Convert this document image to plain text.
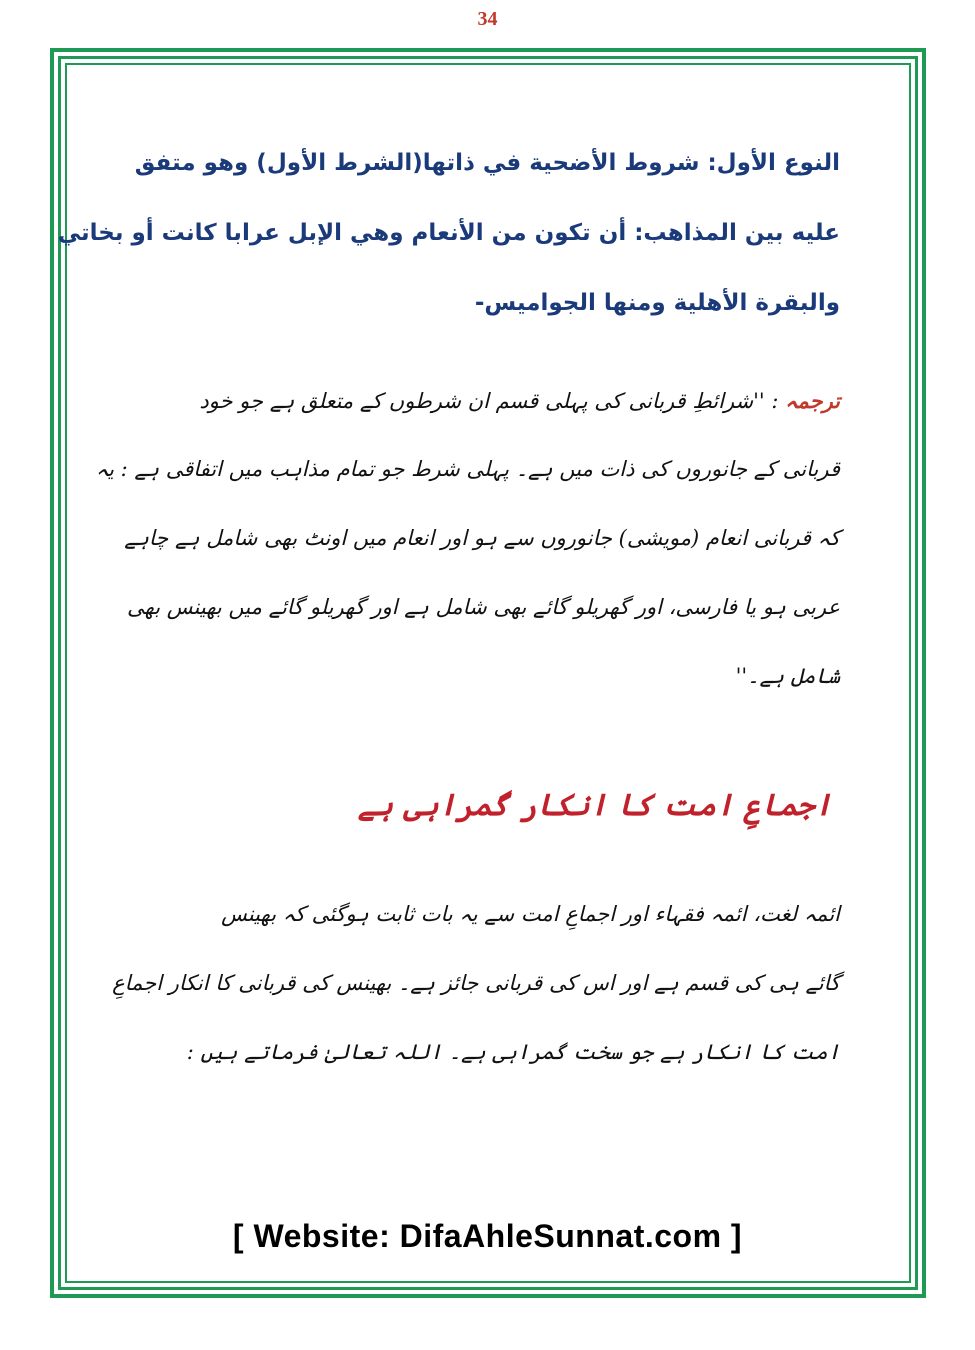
34
النوع الأول: شروط الأضحية في ذاتها(الشرط الأول) وهو متفق
عليه بين المذاهب: أن تكون من الأنعام وهي الإبل عرابا كانت أو بخاتي
والبقرة الأهلية ومنها الجواميس-
ترجمہ : ''شرائطِ قربانی کی پہلی قسم ان شرطوں کے متعلق ہے جو خود
قربانی کے جانوروں کی ذات میں ہے۔ پہلی شرط جو تمام مذاہب میں اتفاقی ہے : یہ
کہ قربانی انعام (مویشی) جانوروں سے ہو اور انعام میں اونٹ بھی شامل ہے چاہے
عربی ہو یا فارسی، اور گھریلو گائے بھی شامل ہے اور گھریلو گائے میں بھینس بھی
شامل ہے۔''
اجماعِ امت کا انکار گمراہی ہے
ائمہ لغت، ائمہ فقہاء اور اجماعِ امت سے یہ بات ثابت ہوگئی کہ بھینس
گائے ہی کی قسم ہے اور اس کی قربانی جائز ہے۔ بھینس کی قربانی کا انکار اجماعِ
امت کا انکار ہے جو سخت گمراہی ہے۔ اللہ تعالیٰ فرماتے ہیں :
[ Website: DifaAhleSunnat.com ]
